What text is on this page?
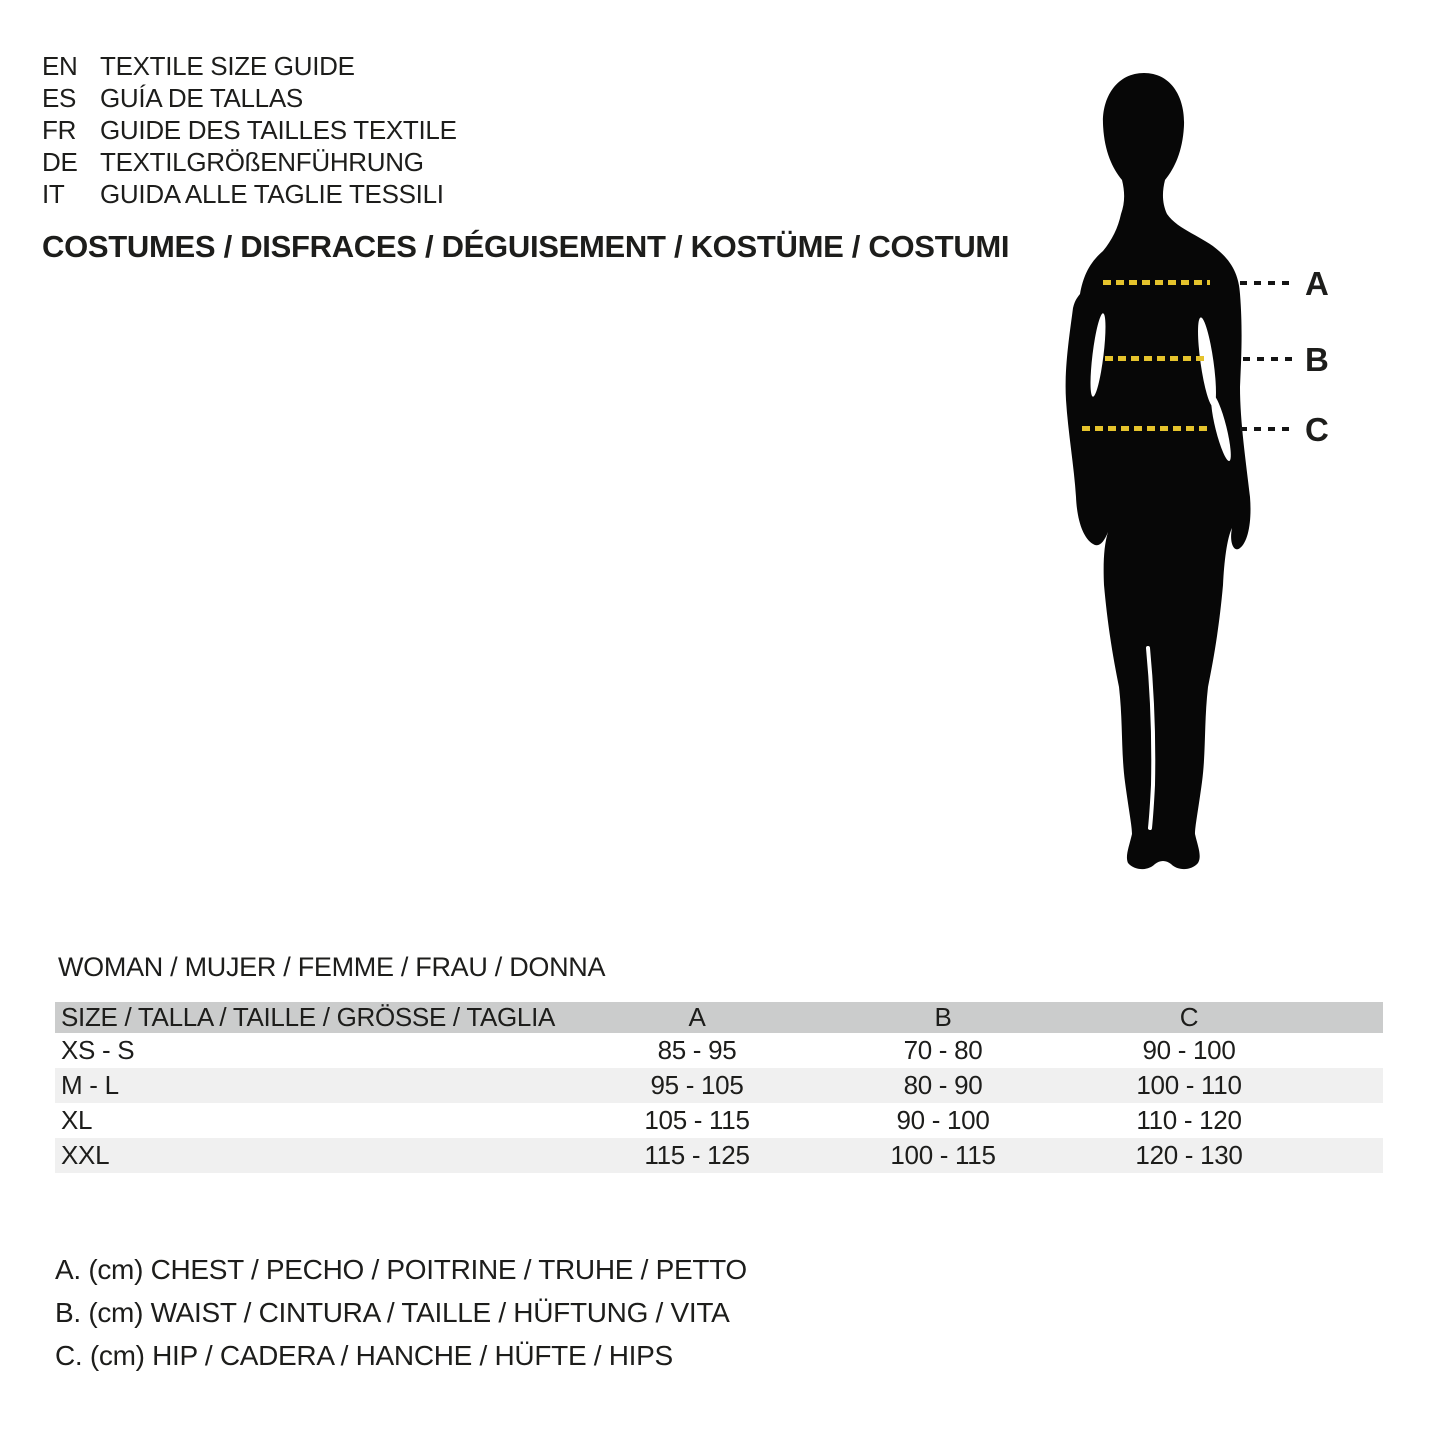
EN TEXTILE SIZE GUIDE
ES GUÍA DE TALLAS
FR GUIDE DES TAILLES TEXTILE
DE TEXTILGRÖßENFÜHRUNG
IT	GUIDA ALLE TAGLIE TESSILI
COSTUMES / DISFRACES / DÉGUISEMENT / KOSTÜME / COSTUMI
A
B
C
WOMAN / MUJER / FEMME / FRAU / DONNA
SIZE / TALLA / TAILLE / GRÖSSE / TAGLIA	A	B	C
XS - S	85 - 95	70 - 80	90 - 100
M - L	95 - 105	80 - 90	100 - 110
XL	105 - 115	90 - 100	110 - 120
XXL	115 - 125	100 - 115	120 - 130
A. (cm) CHEST / PECHO / POITRINE / TRUHE / PETTO
B. (cm) WAIST / CINTURA / TAILLE / HÜFTUNG / VITA
C. (cm) HIP / CADERA / HANCHE / HÜFTE / HIPS
